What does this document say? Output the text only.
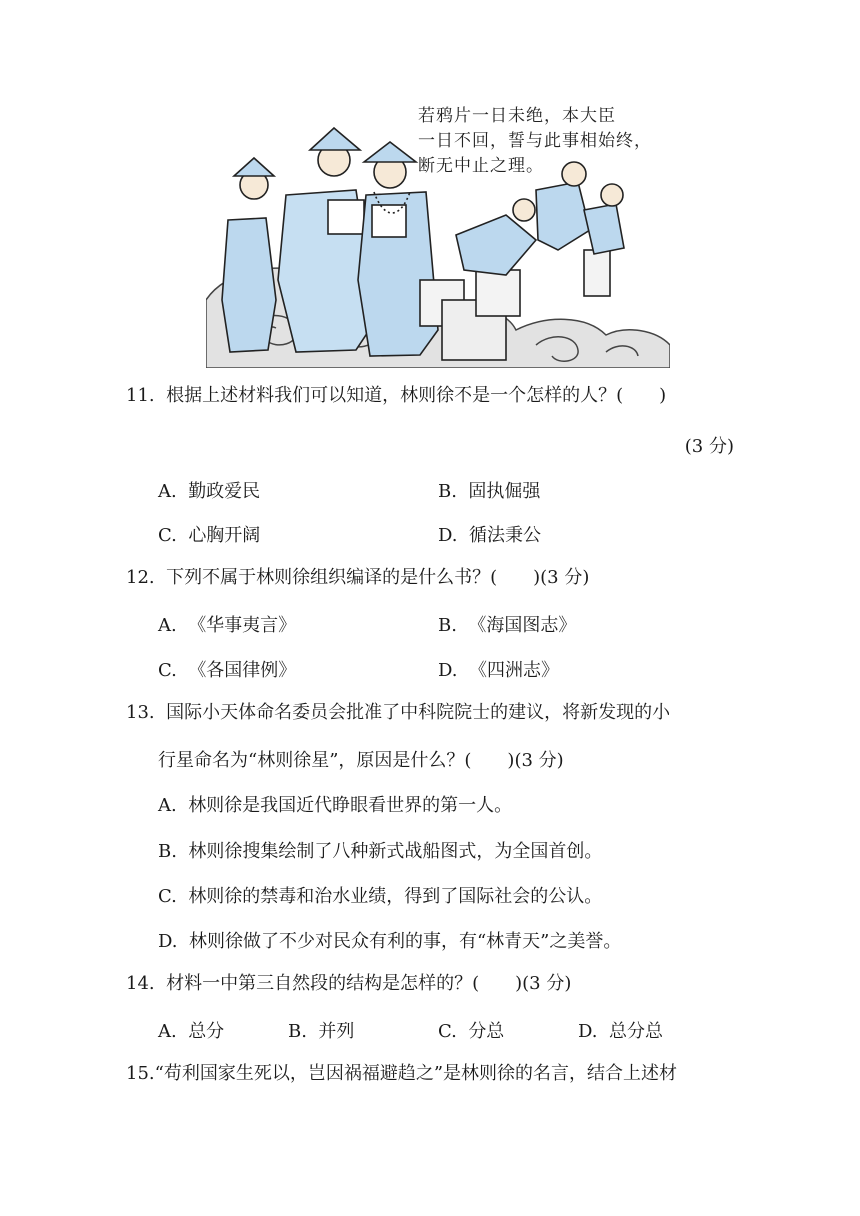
若鸦片一日未绝，本大臣
一日不回，誓与此事相始终，
断无中止之理。
11. 根据上述材料我们可以知道，林则徐不是一个怎样的人？(　　)
(3 分)
A. 勤政爱民	B. 固执倔强
C. 心胸开阔	D. 循法秉公
12. 下列不属于林则徐组织编译的是什么书？(　　)(3 分)
A. 《华事夷言》	B. 《海国图志》
C. 《各国律例》	D. 《四洲志》
13. 国际小天体命名委员会批准了中科院院士的建议，将新发现的小
行星命名为“林则徐星”，原因是什么？(　　)(3 分)
A. 林则徐是我国近代睁眼看世界的第一人。
B. 林则徐搜集绘制了八种新式战船图式，为全国首创。
C. 林则徐的禁毒和治水业绩，得到了国际社会的公认。
D. 林则徐做了不少对民众有利的事，有“林青天”之美誉。
14. 材料一中第三自然段的结构是怎样的？(　　)(3 分)
A. 总分	B. 并列	C. 分总	D. 总分总
15.“苟利国家生死以，岂因祸福避趋之”是林则徐的名言，结合上述材
